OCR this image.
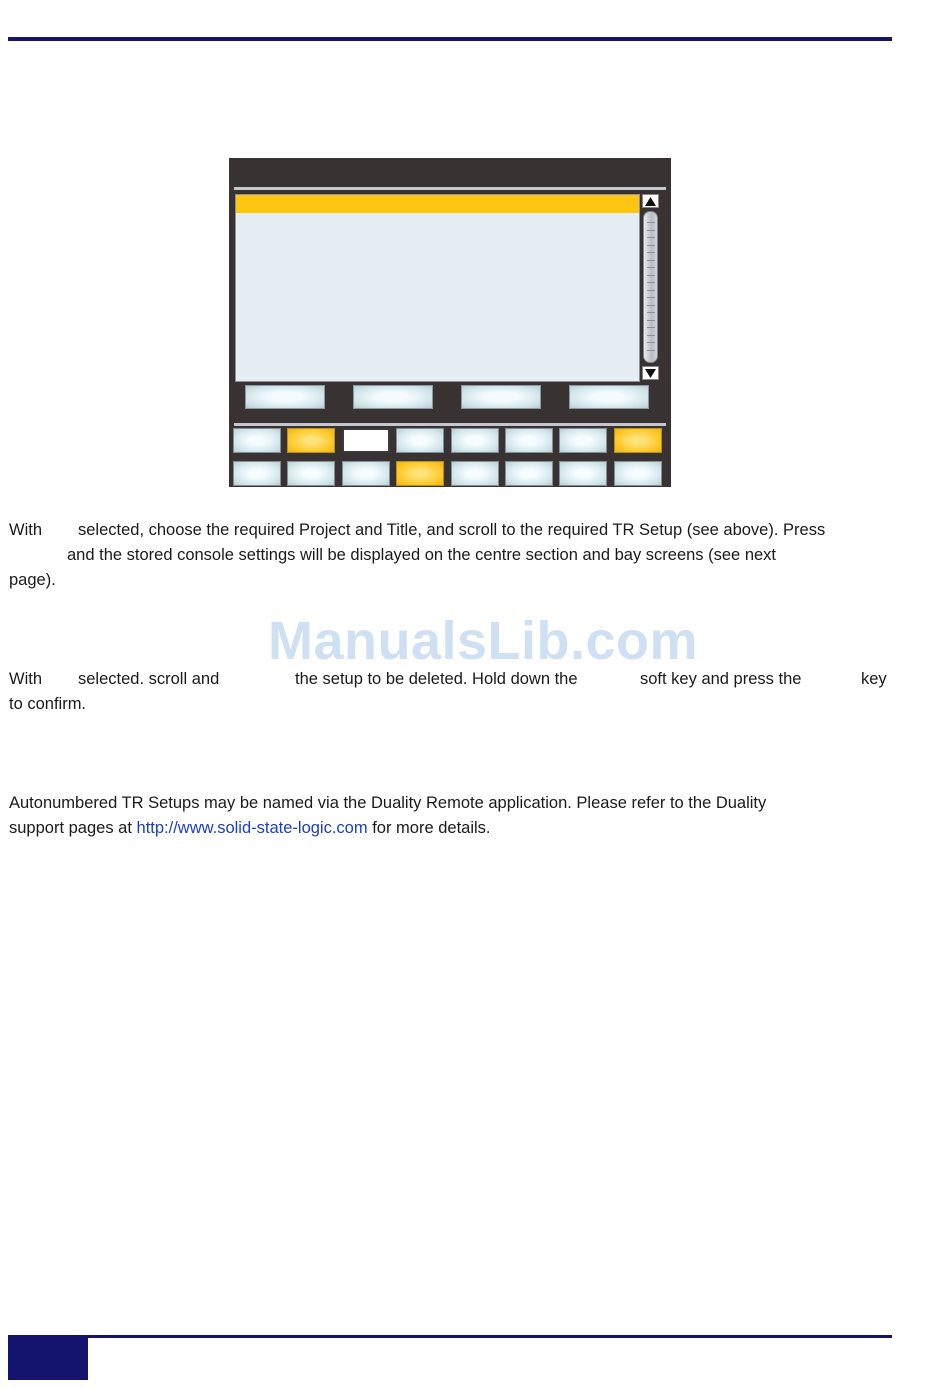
With selected, choose the required Project and Title, and scroll to the required TR Setup (see above). Press
and the stored console settings will be displayed on the centre section and bay screens (see next
page).
ManualsLib.com
With selected. scroll and	the setup to be deleted. Hold down the	soft key and press the	key
to confirm.
Autonumbered TR Setups may be named via the Duality Remote application. Please refer to the Duality
support pages at http://www.solid-state-logic.com for more details.
